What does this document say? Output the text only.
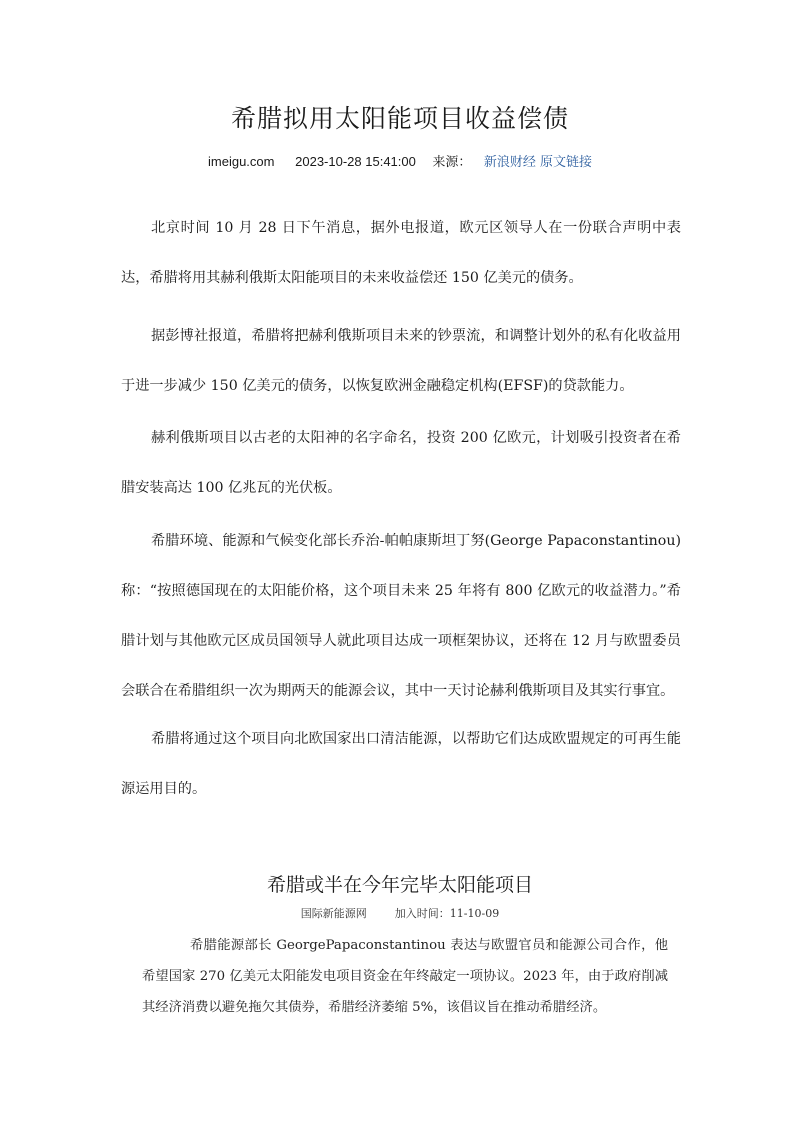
希腊拟用太阳能项目收益偿债
imeigu.com 2023-10-28 15:41:00 来源： 新浪财经 原文链接

北京时间 10 月 28 日下午消息，据外电报道，欧元区领导人在一份联合声明中表达，希腊将用其赫利俄斯太阳能项目的未来收益偿还 150 亿美元的债务。

据彭博社报道，希腊将把赫利俄斯项目未来的钞票流，和调整计划外的私有化收益用于进一步减少 150 亿美元的债务，以恢复欧洲金融稳定机构(EFSF)的贷款能力。

赫利俄斯项目以古老的太阳神的名字命名，投资 200 亿欧元，计划吸引投资者在希腊安装高达 100 亿兆瓦的光伏板。

希腊环境、能源和气候变化部长乔治-帕帕康斯坦丁努(George Papaconstantinou)称：“按照德国现在的太阳能价格，这个项目未来 25 年将有 800 亿欧元的收益潜力。”希腊计划与其他欧元区成员国领导人就此项目达成一项框架协议，还将在 12 月与欧盟委员会联合在希腊组织一次为期两天的能源会议，其中一天讨论赫利俄斯项目及其实行事宜。

希腊将通过这个项目向北欧国家出口清洁能源，以帮助它们达成欧盟规定的可再生能源运用目的。

希腊或半在今年完毕太阳能项目
国际新能源网	加入时间：11-10-09

希腊能源部长 GeorgePapaconstantinou 表达与欧盟官员和能源公司合作，他希望国家 270 亿美元太阳能发电项目资金在年终敲定一项协议。2023 年，由于政府削减其经济消费以避免拖欠其债券，希腊经济萎缩 5%，该倡议旨在推动希腊经济。
